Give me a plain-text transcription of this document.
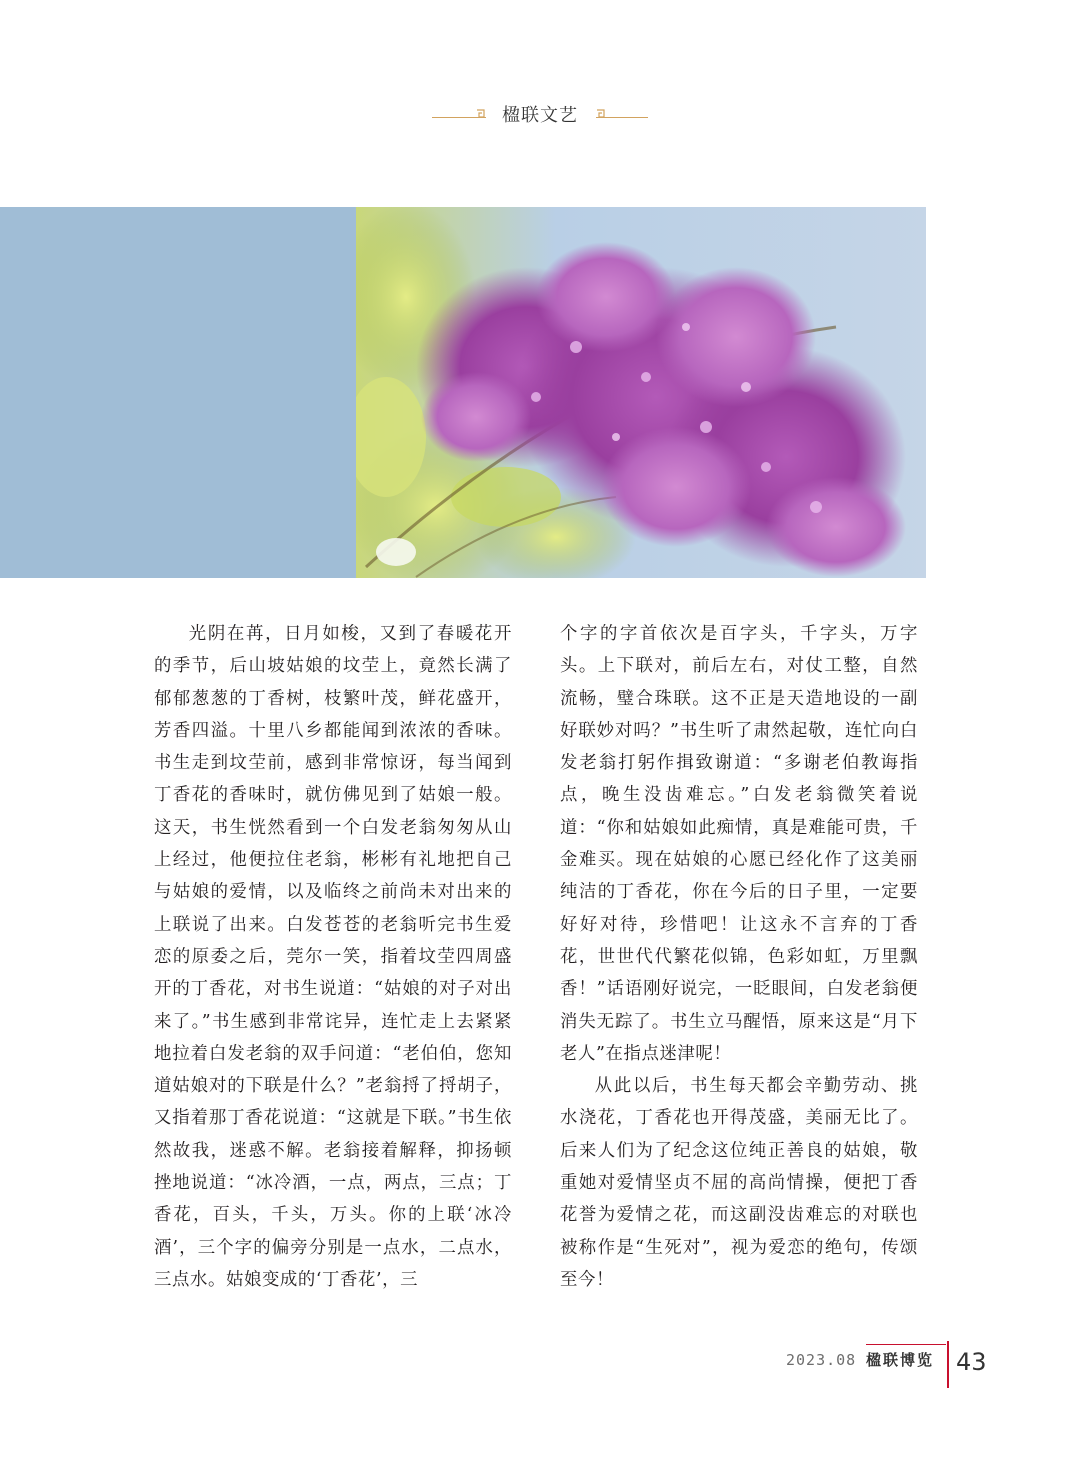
楹联文艺

光阴在苒，日月如梭，又到了春暖花开的季节，后山坡姑娘的坟茔上，竟然长满了郁郁葱葱的丁香树，枝繁叶茂，鲜花盛开，芳香四溢。十里八乡都能闻到浓浓的香味。书生走到坟茔前，感到非常惊讶，每当闻到丁香花的香味时，就仿佛见到了姑娘一般。这天，书生恍然看到一个白发老翁匆匆从山上经过，他便拉住老翁，彬彬有礼地把自己与姑娘的爱情，以及临终之前尚未对出来的上联说了出来。白发苍苍的老翁听完书生爱恋的原委之后，莞尔一笑，指着坟茔四周盛开的丁香花，对书生说道：“姑娘的对子对出来了。”书生感到非常诧异，连忙走上去紧紧地拉着白发老翁的双手问道：“老伯伯，您知道姑娘对的下联是什么？”老翁捋了捋胡子，又指着那丁香花说道：“这就是下联。”书生依然故我，迷惑不解。老翁接着解释，抑扬顿挫地说道：“冰冷酒，一点，两点，三点；丁香花，百头，千头，万头。你的上联‘冰冷酒’，三个字的偏旁分别是一点水，二点水，三点水。姑娘变成的‘丁香花’，三

个字的字首依次是百字头，千字头，万字头。上下联对，前后左右，对仗工整，自然流畅，璧合珠联。这不正是天造地设的一副好联妙对吗？”书生听了肃然起敬，连忙向白发老翁打躬作揖致谢道：“多谢老伯教诲指点，晚生没齿难忘。”白发老翁微笑着说道：“你和姑娘如此痴情，真是难能可贵，千金难买。现在姑娘的心愿已经化作了这美丽纯洁的丁香花，你在今后的日子里，一定要好好对待，珍惜吧！让这永不言弃的丁香花，世世代代繁花似锦，色彩如虹，万里飘香！”话语刚好说完，一眨眼间，白发老翁便消失无踪了。书生立马醒悟，原来这是“月下老人”在指点迷津呢！

从此以后，书生每天都会辛勤劳动、挑水浇花，丁香花也开得茂盛，美丽无比了。后来人们为了纪念这位纯正善良的姑娘，敬重她对爱情坚贞不屈的高尚情操，便把丁香花誉为爱情之花，而这副没齿难忘的对联也被称作是“生死对”，视为爱恋的绝句，传颂至今！

2023.08 楹联博览 43
